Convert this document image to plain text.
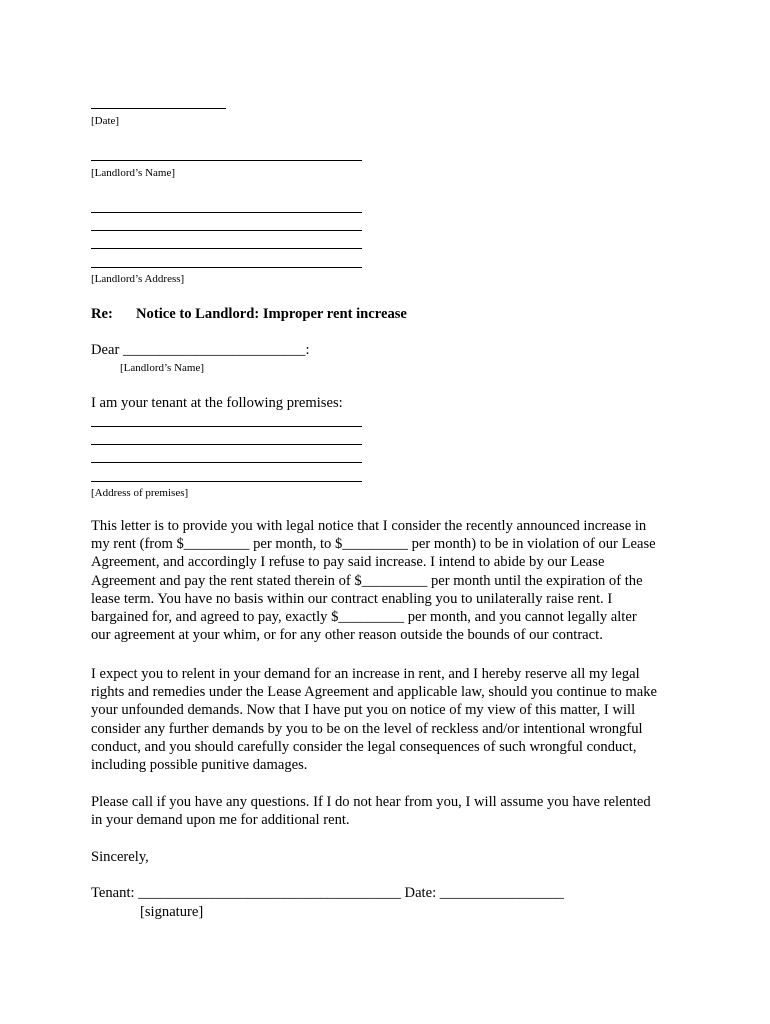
[Date]
[Landlord’s Name]
[Landlord’s Address]
Re: Notice to Landlord: Improper rent increase
Dear _________________________:
[Landlord’s Name]
I am your tenant at the following premises:
[Address of premises]
This letter is to provide you with legal notice that I consider the recently announced increase in
my rent (from $_________ per month, to $_________ per month) to be in violation of our Lease
Agreement, and accordingly I refuse to pay said increase. I intend to abide by our Lease
Agreement and pay the rent stated therein of $_________ per month until the expiration of the
lease term. You have no basis within our contract enabling you to unilaterally raise rent. I
bargained for, and agreed to pay, exactly $_________ per month, and you cannot legally alter
our agreement at your whim, or for any other reason outside the bounds of our contract.
I expect you to relent in your demand for an increase in rent, and I hereby reserve all my legal
rights and remedies under the Lease Agreement and applicable law, should you continue to make
your unfounded demands. Now that I have put you on notice of my view of this matter, I will
consider any further demands by you to be on the level of reckless and/or intentional wrongful
conduct, and you should carefully consider the legal consequences of such wrongful conduct,
including possible punitive damages.
Please call if you have any questions. If I do not hear from you, I will assume you have relented
in your demand upon me for additional rent.
Sincerely,
Tenant: ____________________________________ Date: _________________
[signature]
